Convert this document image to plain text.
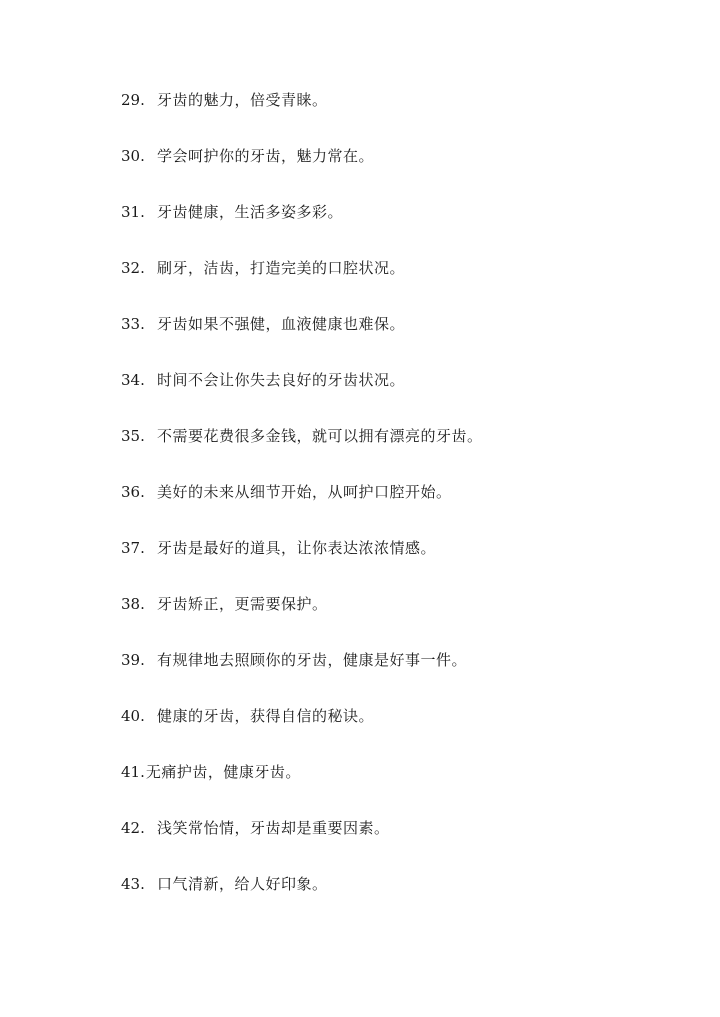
29. 牙齿的魅力，倍受青睐。
30. 学会呵护你的牙齿，魅力常在。
31. 牙齿健康，生活多姿多彩。
32. 刷牙，洁齿，打造完美的口腔状况。
33. 牙齿如果不强健，血液健康也难保。
34. 时间不会让你失去良好的牙齿状况。
35. 不需要花费很多金钱，就可以拥有漂亮的牙齿。
36. 美好的未来从细节开始，从呵护口腔开始。
37. 牙齿是最好的道具，让你表达浓浓情感。
38. 牙齿矫正，更需要保护。
39. 有规律地去照顾你的牙齿，健康是好事一件。
40. 健康的牙齿，获得自信的秘诀。
41. 无痛护齿，健康牙齿。
42. 浅笑常怡情，牙齿却是重要因素。
43. 口气清新，给人好印象。
